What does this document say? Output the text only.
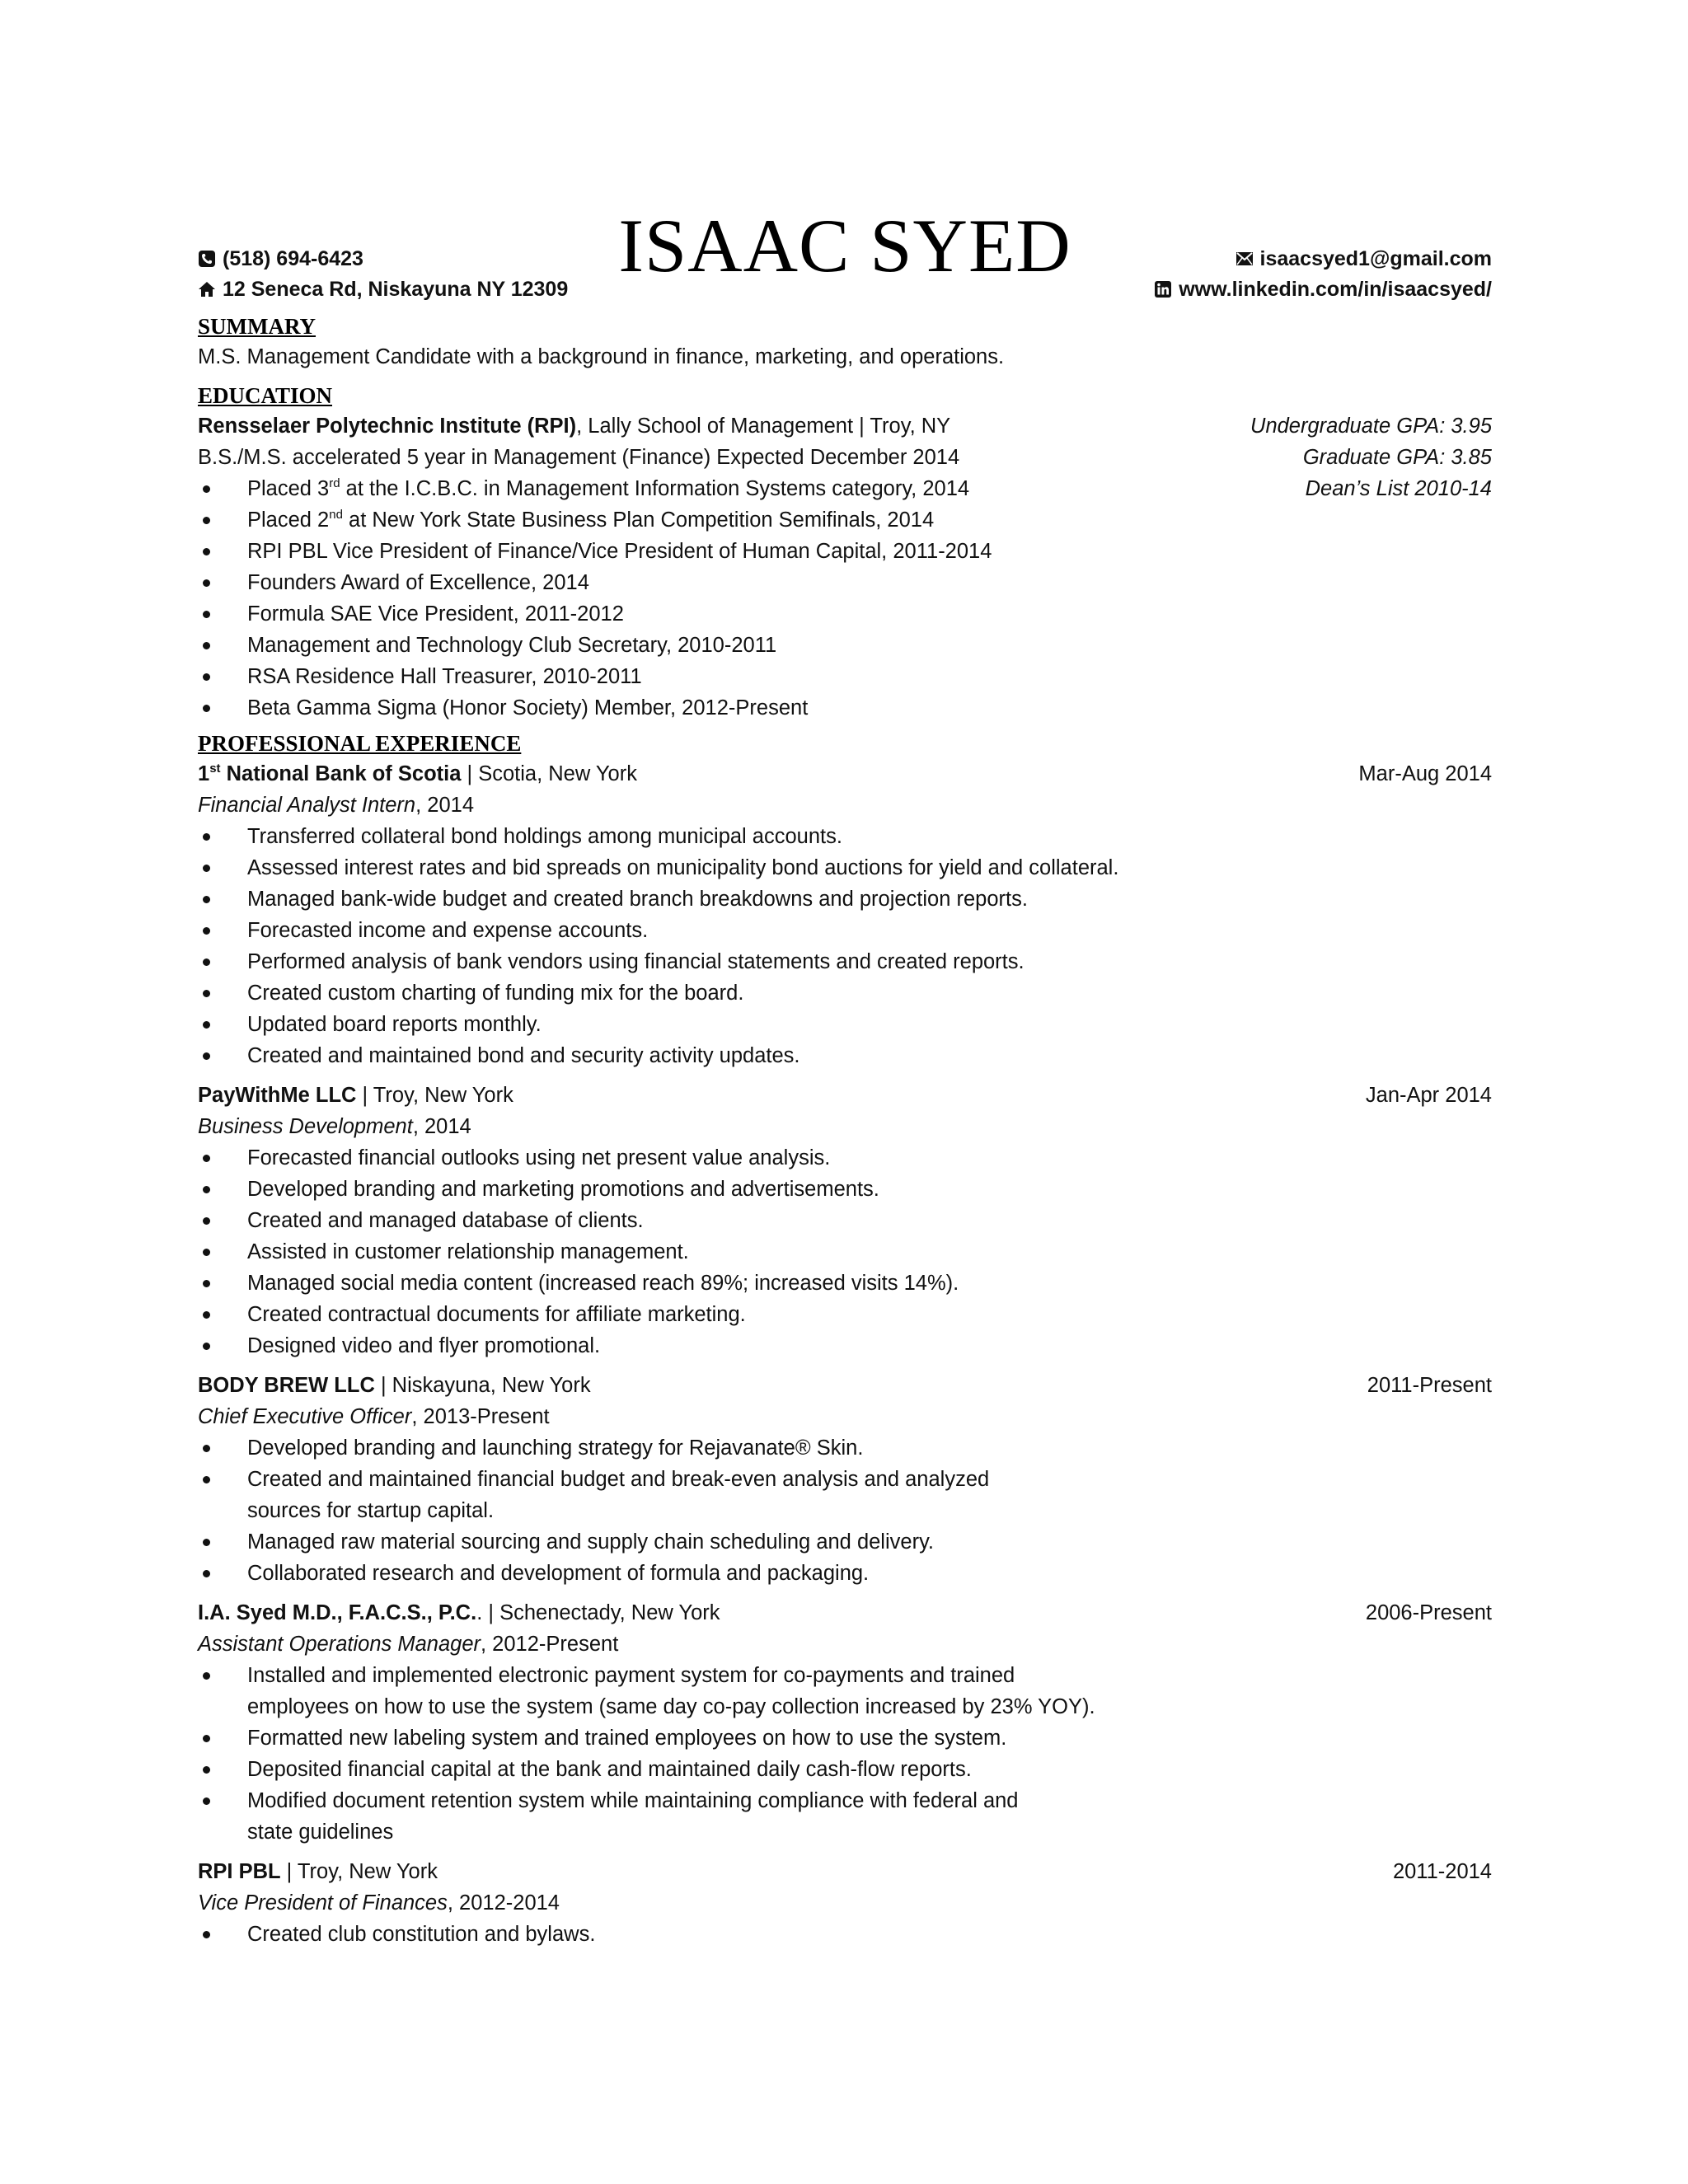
ISAAC SYED
(518) 694-6423
12 Seneca Rd, Niskayuna NY 12309
isaacsyed1@gmail.com
www.linkedin.com/in/isaacsyed/
SUMMARY
M.S. Management Candidate with a background in finance, marketing, and operations.
EDUCATION
Rensselaer Polytechnic Institute (RPI), Lally School of Management | Troy, NY	Undergraduate GPA: 3.95
B.S./M.S. accelerated 5 year in Management (Finance) Expected December 2014	Graduate GPA: 3.85
Dean’s List 2010-14
Placed 3rd at the I.C.B.C. in Management Information Systems category, 2014
Placed 2nd at New York State Business Plan Competition Semifinals, 2014
RPI PBL Vice President of Finance/Vice President of Human Capital, 2011-2014
Founders Award of Excellence, 2014
Formula SAE Vice President, 2011-2012
Management and Technology Club Secretary, 2010-2011
RSA Residence Hall Treasurer, 2010-2011
Beta Gamma Sigma (Honor Society) Member, 2012-Present
PROFESSIONAL EXPERIENCE
1st National Bank of Scotia | Scotia, New York	Mar-Aug 2014
Financial Analyst Intern, 2014
Transferred collateral bond holdings among municipal accounts.
Assessed interest rates and bid spreads on municipality bond auctions for yield and collateral.
Managed bank-wide budget and created branch breakdowns and projection reports.
Forecasted income and expense accounts.
Performed analysis of bank vendors using financial statements and created reports.
Created custom charting of funding mix for the board.
Updated board reports monthly.
Created and maintained bond and security activity updates.
PayWithMe LLC | Troy, New York	Jan-Apr 2014
Business Development, 2014
Forecasted financial outlooks using net present value analysis.
Developed branding and marketing promotions and advertisements.
Created and managed database of clients.
Assisted in customer relationship management.
Managed social media content (increased reach 89%; increased visits 14%).
Created contractual documents for affiliate marketing.
Designed video and flyer promotional.
BODY BREW LLC | Niskayuna, New York	2011-Present
Chief Executive Officer, 2013-Present
Developed branding and launching strategy for Rejavanate® Skin.
Created and maintained financial budget and break-even analysis and analyzed
sources for startup capital.
Managed raw material sourcing and supply chain scheduling and delivery.
Collaborated research and development of formula and packaging.
I.A. Syed M.D., F.A.C.S., P.C.. | Schenectady, New York	2006-Present
Assistant Operations Manager, 2012-Present
Installed and implemented electronic payment system for co-payments and trained
employees on how to use the system (same day co-pay collection increased by 23% YOY).
Formatted new labeling system and trained employees on how to use the system.
Deposited financial capital at the bank and maintained daily cash-flow reports.
Modified document retention system while maintaining compliance with federal and
state guidelines
RPI PBL | Troy, New York	2011-2014
Vice President of Finances, 2012-2014
Created club constitution and bylaws.
